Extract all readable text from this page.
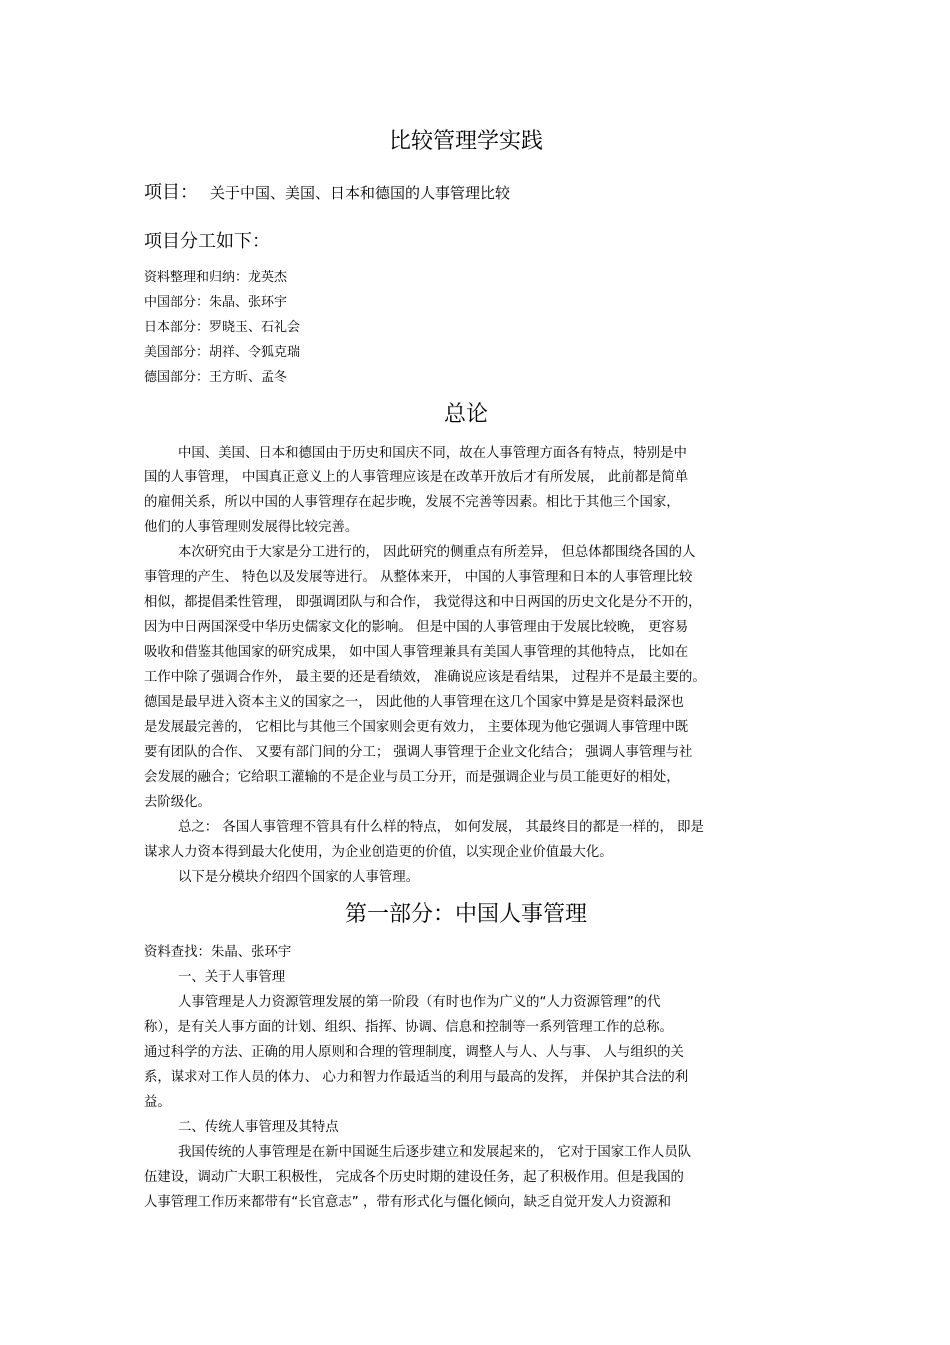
比较管理学实践
项目： 关于中国、美国、日本和德国的人事管理比较
项目分工如下：
资料整理和归纳：龙英杰
中国部分：朱晶、张环宇
日本部分：罗晓玉、石礼会
美国部分：胡祥、令狐克瑞
德国部分：王方昕、孟冬
总论
中国、美国、日本和德国由于历史和国庆不同，故在人事管理方面各有特点，特别是中
国的人事管理， 中国真正意义上的人事管理应该是在改革开放后才有所发展， 此前都是简单
的雇佣关系，所以中国的人事管理存在起步晚，发展不完善等因素。相比于其他三个国家，
他们的人事管理则发展得比较完善。
本次研究由于大家是分工进行的， 因此研究的侧重点有所差异， 但总体都围绕各国的人
事管理的产生、 特色以及发展等进行。 从整体来开， 中国的人事管理和日本的人事管理比较
相似，都提倡柔性管理， 即强调团队与和合作， 我觉得这和中日两国的历史文化是分不开的，
因为中日两国深受中华历史儒家文化的影响。 但是中国的人事管理由于发展比较晚， 更容易
吸收和借鉴其他国家的研究成果， 如中国人事管理兼具有美国人事管理的其他特点， 比如在
工作中除了强调合作外， 最主要的还是看绩效， 准确说应该是看结果， 过程并不是最主要的。
德国是最早进入资本主义的国家之一， 因此他的人事管理在这几个国家中算是是资料最深也
是发展最完善的， 它相比与其他三个国家则会更有效力， 主要体现为他它强调人事管理中既
要有团队的合作、 又要有部门间的分工； 强调人事管理于企业文化结合； 强调人事管理与社
会发展的融合；它给职工灌输的不是企业与员工分开，而是强调企业与员工能更好的相处，
去阶级化。
总之： 各国人事管理不管具有什么样的特点， 如何发展， 其最终目的都是一样的， 即是
谋求人力资本得到最大化使用，为企业创造更的价值，以实现企业价值最大化。
以下是分模块介绍四个国家的人事管理。
第一部分：中国人事管理
资料查找：朱晶、张环宇
一、关于人事管理
人事管理是人力资源管理发展的第一阶段（有时也作为广义的“人力资源管理”的代
称），是有关人事方面的计划、组织、指挥、协调、信息和控制等一系列管理工作的总称。
通过科学的方法、正确的用人原则和合理的管理制度，调整人与人、人与事、 人与组织的关
系，谋求对工作人员的体力、 心力和智力作最适当的利用与最高的发挥， 并保护其合法的利
益。
二、传统人事管理及其特点
我国传统的人事管理是在新中国诞生后逐步建立和发展起来的， 它对于国家工作人员队
伍建设，调动广大职工积极性， 完成各个历史时期的建设任务，起了积极作用。但是我国的
人事管理工作历来都带有“长官意志” ，带有形式化与僵化倾向，缺乏自觉开发人力资源和
